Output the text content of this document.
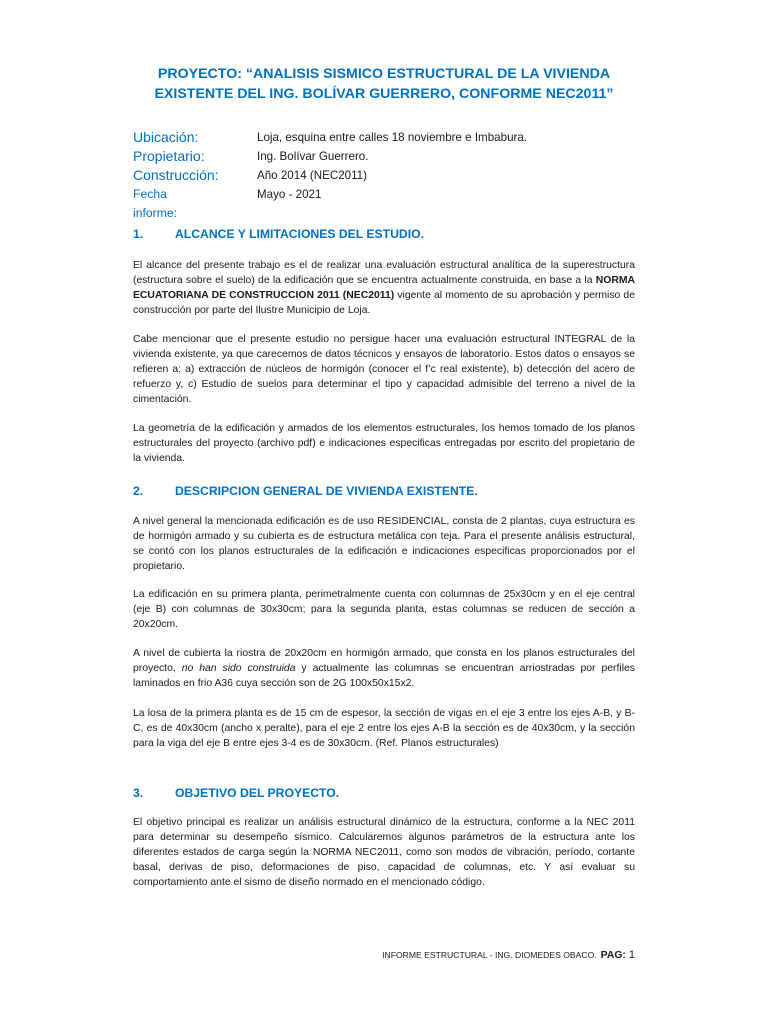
PROYECTO: “ANALISIS SISMICO ESTRUCTURAL DE LA VIVIENDA
EXISTENTE DEL ING. BOLÍVAR GUERRERO, CONFORME NEC2011”
Ubicación:	Loja, esquina entre calles 18 noviembre e Imbabura.
Propietario:	Ing. Bolívar Guerrero.
Construcción:	Año 2014 (NEC2011)
Fecha informe:
Mayo - 2021
1.	ALCANCE Y LIMITACIONES DEL ESTUDIO.

El alcance del presente trabajo es el de realizar una evaluación estructural analítica de la superestructura (estructura sobre el suelo) de la edificación que se encuentra actualmente construida, en base a la NORMA ECUATORIANA DE CONSTRUCCION 2011 (NEC2011) vigente al momento de su aprobación y permiso de construcción por parte del Ilustre Municipio de Loja.

Cabe mencionar que el presente estudio no persigue hacer una evaluación estructural INTEGRAL de la vivienda existente, ya que carecemos de datos técnicos y ensayos de laboratorio. Estos datos o ensayos se refieren a: a) extracción de núcleos de hormigón (conocer el f’c real existente), b) detección del acero de refuerzo y, c) Estudio de suelos para determinar el tipo y capacidad admisible del terreno a nivel de la cimentación.

La geometría de la edificación y armados de los elementos estructurales, los hemos tomado de los planos estructurales del proyecto (archivo pdf) e indicaciones especificas entregadas por escrito del propietario de la vivienda.

2.	DESCRIPCION GENERAL DE VIVIENDA EXISTENTE.

A nivel general la mencionada edificación es de uso RESIDENCIAL, consta de 2 plantas, cuya estructura es de hormigón armado y su cubierta es de estructura metálica con teja. Para el presente análisis estructural, se contó con los planos estructurales de la edificación e indicaciones especificas proporcionados por el propietario.

La edificación en su primera planta, perimetralmente cuenta con columnas de 25x30cm y en el eje central (eje B) con columnas de 30x30cm; para la segunda planta, estas columnas se reducen de sección a 20x20cm.

A nivel de cubierta la riostra de 20x20cm en hormigón armado, que consta en los planos estructurales del proyecto, no han sido construida y actualmente las columnas se encuentran arriostradas por perfiles laminados en frio A36 cuya sección son de 2G 100x50x15x2.

La losa de la primera planta es de 15 cm de espesor, la sección de vigas en el eje 3 entre los ejes A-B, y B-C, es de 40x30cm (ancho x peralte), para el eje 2 entre los ejes A-B la sección es de 40x30cm, y la sección para la viga del eje B entre ejes 3-4 es de 30x30cm. (Ref. Planos estructurales)

3.	OBJETIVO DEL PROYECTO.

El objetivo principal es realizar un análisis estructural dinámico de la estructura, conforme a la NEC 2011 para determinar su desempeño sísmico. Calcularemos algunos parámetros de la estructura ante los diferentes estados de carga según la NORMA NEC2011, como son modos de vibración, período, cortante basal, derivas de piso, deformaciones de piso, capacidad de columnas, etc. Y así evaluar su comportamiento ante el sismo de diseño normado en el mencionado código.

INFORME ESTRUCTURAL - ING. DIOMEDES OBACO. PAG: 1
